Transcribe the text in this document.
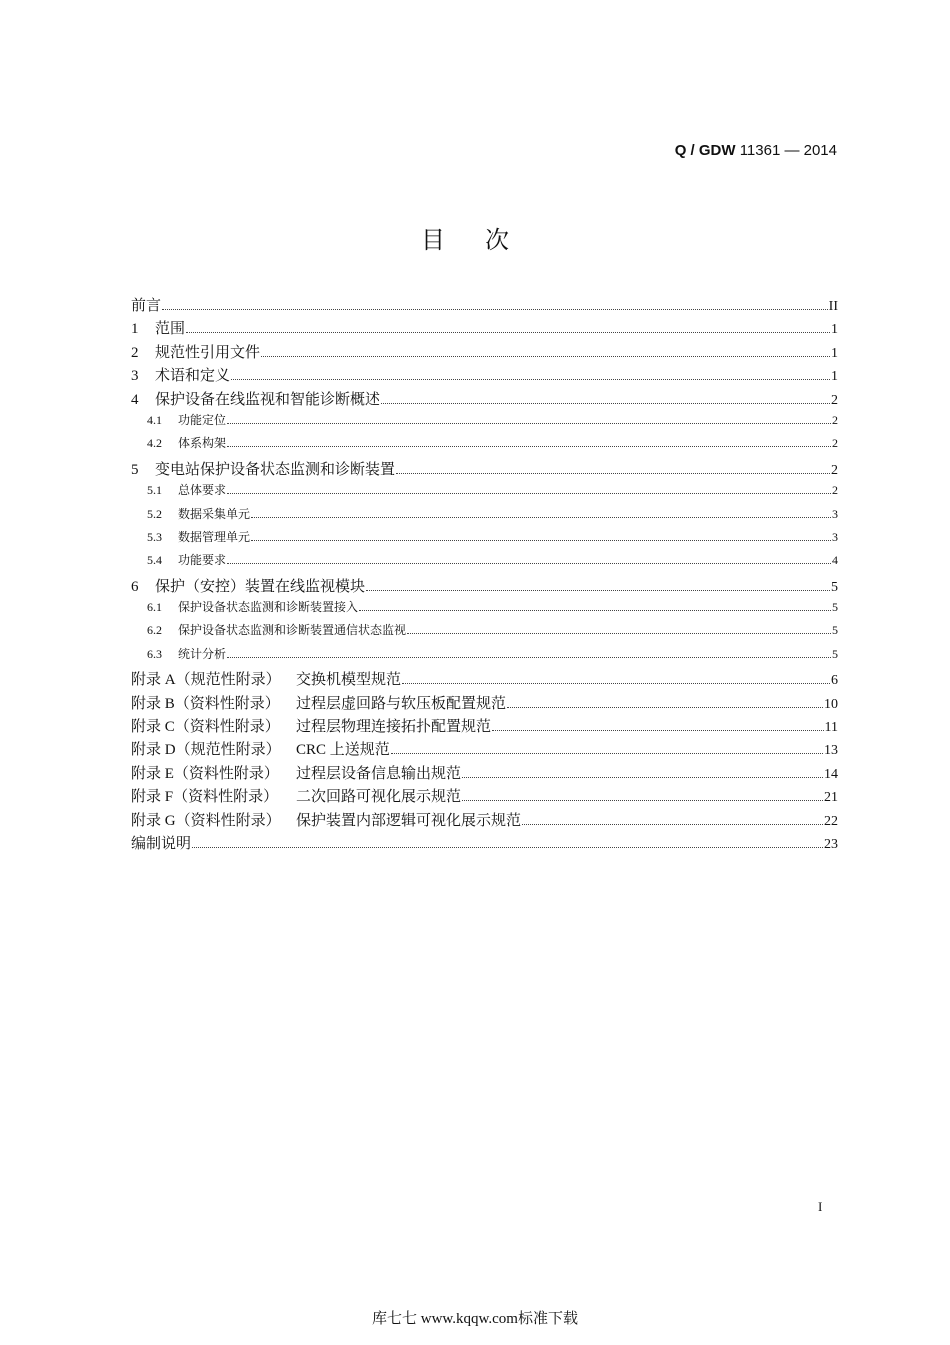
Q / GDW 11361 — 2014
目次
前言	II
1	范围	1
2	规范性引用文件	1
3	术语和定义	1
4	保护设备在线监视和智能诊断概述	2
4.1	功能定位	2
4.2	体系构架	2
5	变电站保护设备状态监测和诊断装置	2
5.1	总体要求	2
5.2	数据采集单元	3
5.3	数据管理单元	3
5.4	功能要求	4
6	保护（安控）装置在线监视模块	5
6.1	保护设备状态监测和诊断装置接入	5
6.2	保护设备状态监测和诊断装置通信状态监视	5
6.3	统计分析	5
附录 A（规范性附录）	交换机模型规范	6
附录 B（资料性附录）	过程层虚回路与软压板配置规范	10
附录 C（资料性附录）	过程层物理连接拓扑配置规范	11
附录 D（规范性附录）	CRC 上送规范	13
附录 E（资料性附录）	过程层设备信息输出规范	14
附录 F（资料性附录）	二次回路可视化展示规范	21
附录 G（资料性附录）	保护装置内部逻辑可视化展示规范	22
编制说明	23
I
库七七 www.kqqw.com标准下载
